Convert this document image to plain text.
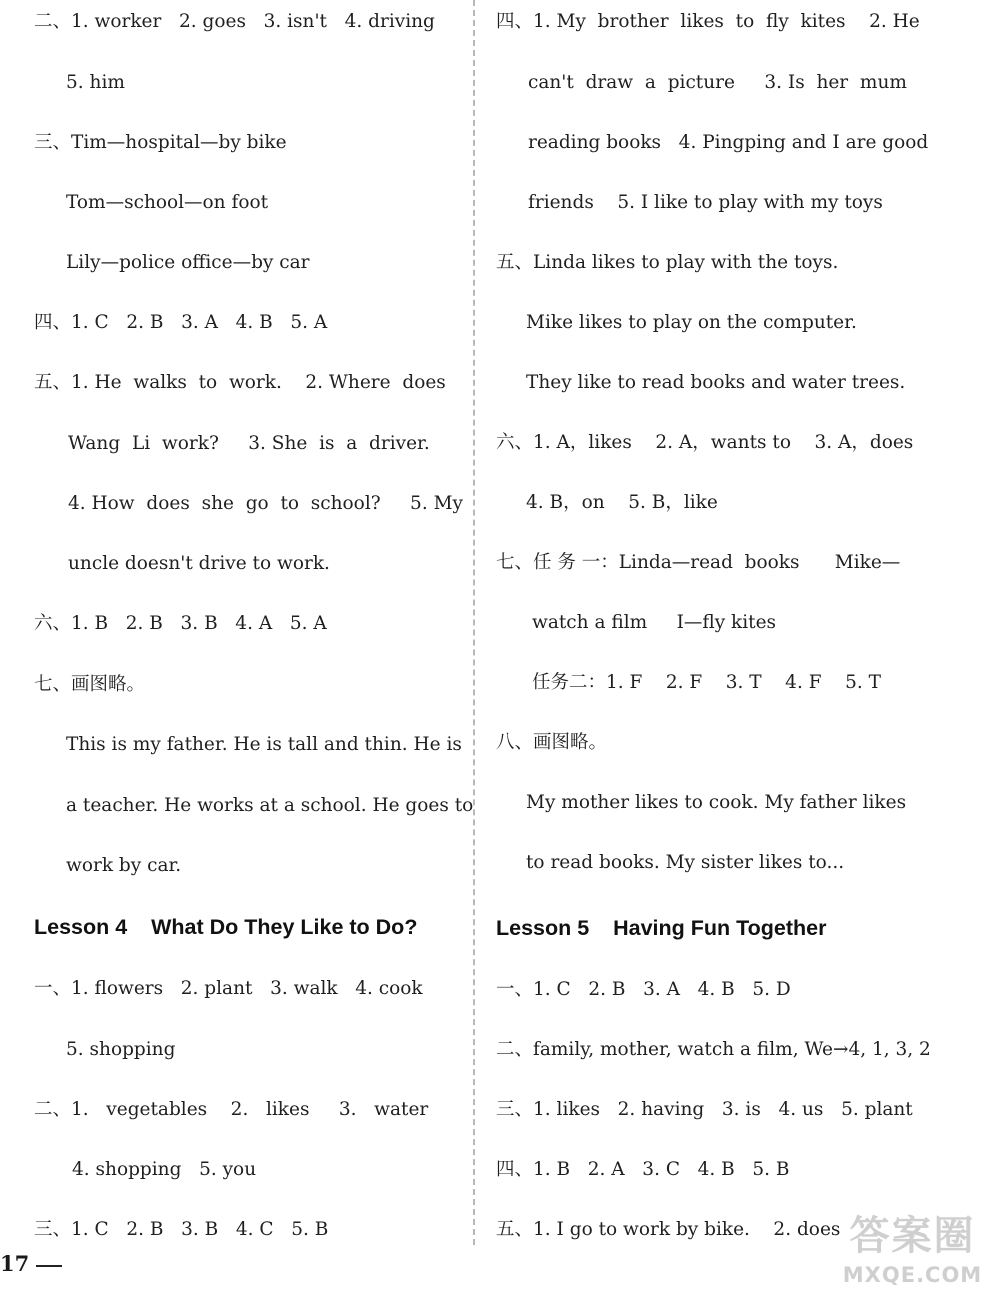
二、1. worker   2. goes   3. isn't   4. driving
5. him
三、Tim—hospital—by bike
Tom—school—on foot
Lily—police office—by car
四、1. C   2. B   3. A   4. B   5. A
五、1. He  walks  to  work.    2. Where  does
Wang  Li  work?     3. She  is  a  driver.
4. How  does  she  go  to  school?     5. My
uncle doesn't drive to work.
六、1. B   2. B   3. B   4. A   5. A
七、画图略。
This is my father. He is tall and thin. He is
a teacher. He works at a school. He goes to
work by car.
Lesson 4    What Do They Like to Do?
一、1. flowers   2. plant   3. walk   4. cook
5. shopping
二、1.   vegetables    2.   likes     3.   water
4. shopping   5. you
三、1. C   2. B   3. B   4. C   5. B
四、1. My  brother  likes  to  fly  kites    2. He
can't  draw  a  picture     3. Is  her  mum
reading books   4. Pingping and I are good
friends    5. I like to play with my toys
五、Linda likes to play with the toys.
Mike likes to play on the computer.
They like to read books and water trees.
六、1. A，likes    2. A，wants to    3. A，does
4. B，on    5. B，like
七、任 务 一：Linda—read  books      Mike—
watch a film     I—fly kites
任务二：1. F    2. F    3. T    4. F    5. T
八、画图略。
My mother likes to cook. My father likes
to read books. My sister likes to...
Lesson 5    Having Fun Together
一、1. C   2. B   3. A   4. B   5. D
二、family, mother, watch a film, We→4, 1, 3, 2
三、1. likes   2. having   3. is   4. us   5. plant
四、1. B   2. A   3. C   4. B   5. B
五、1. I go to work by bike.    2. does
17
答案圈
MXQE.COM
